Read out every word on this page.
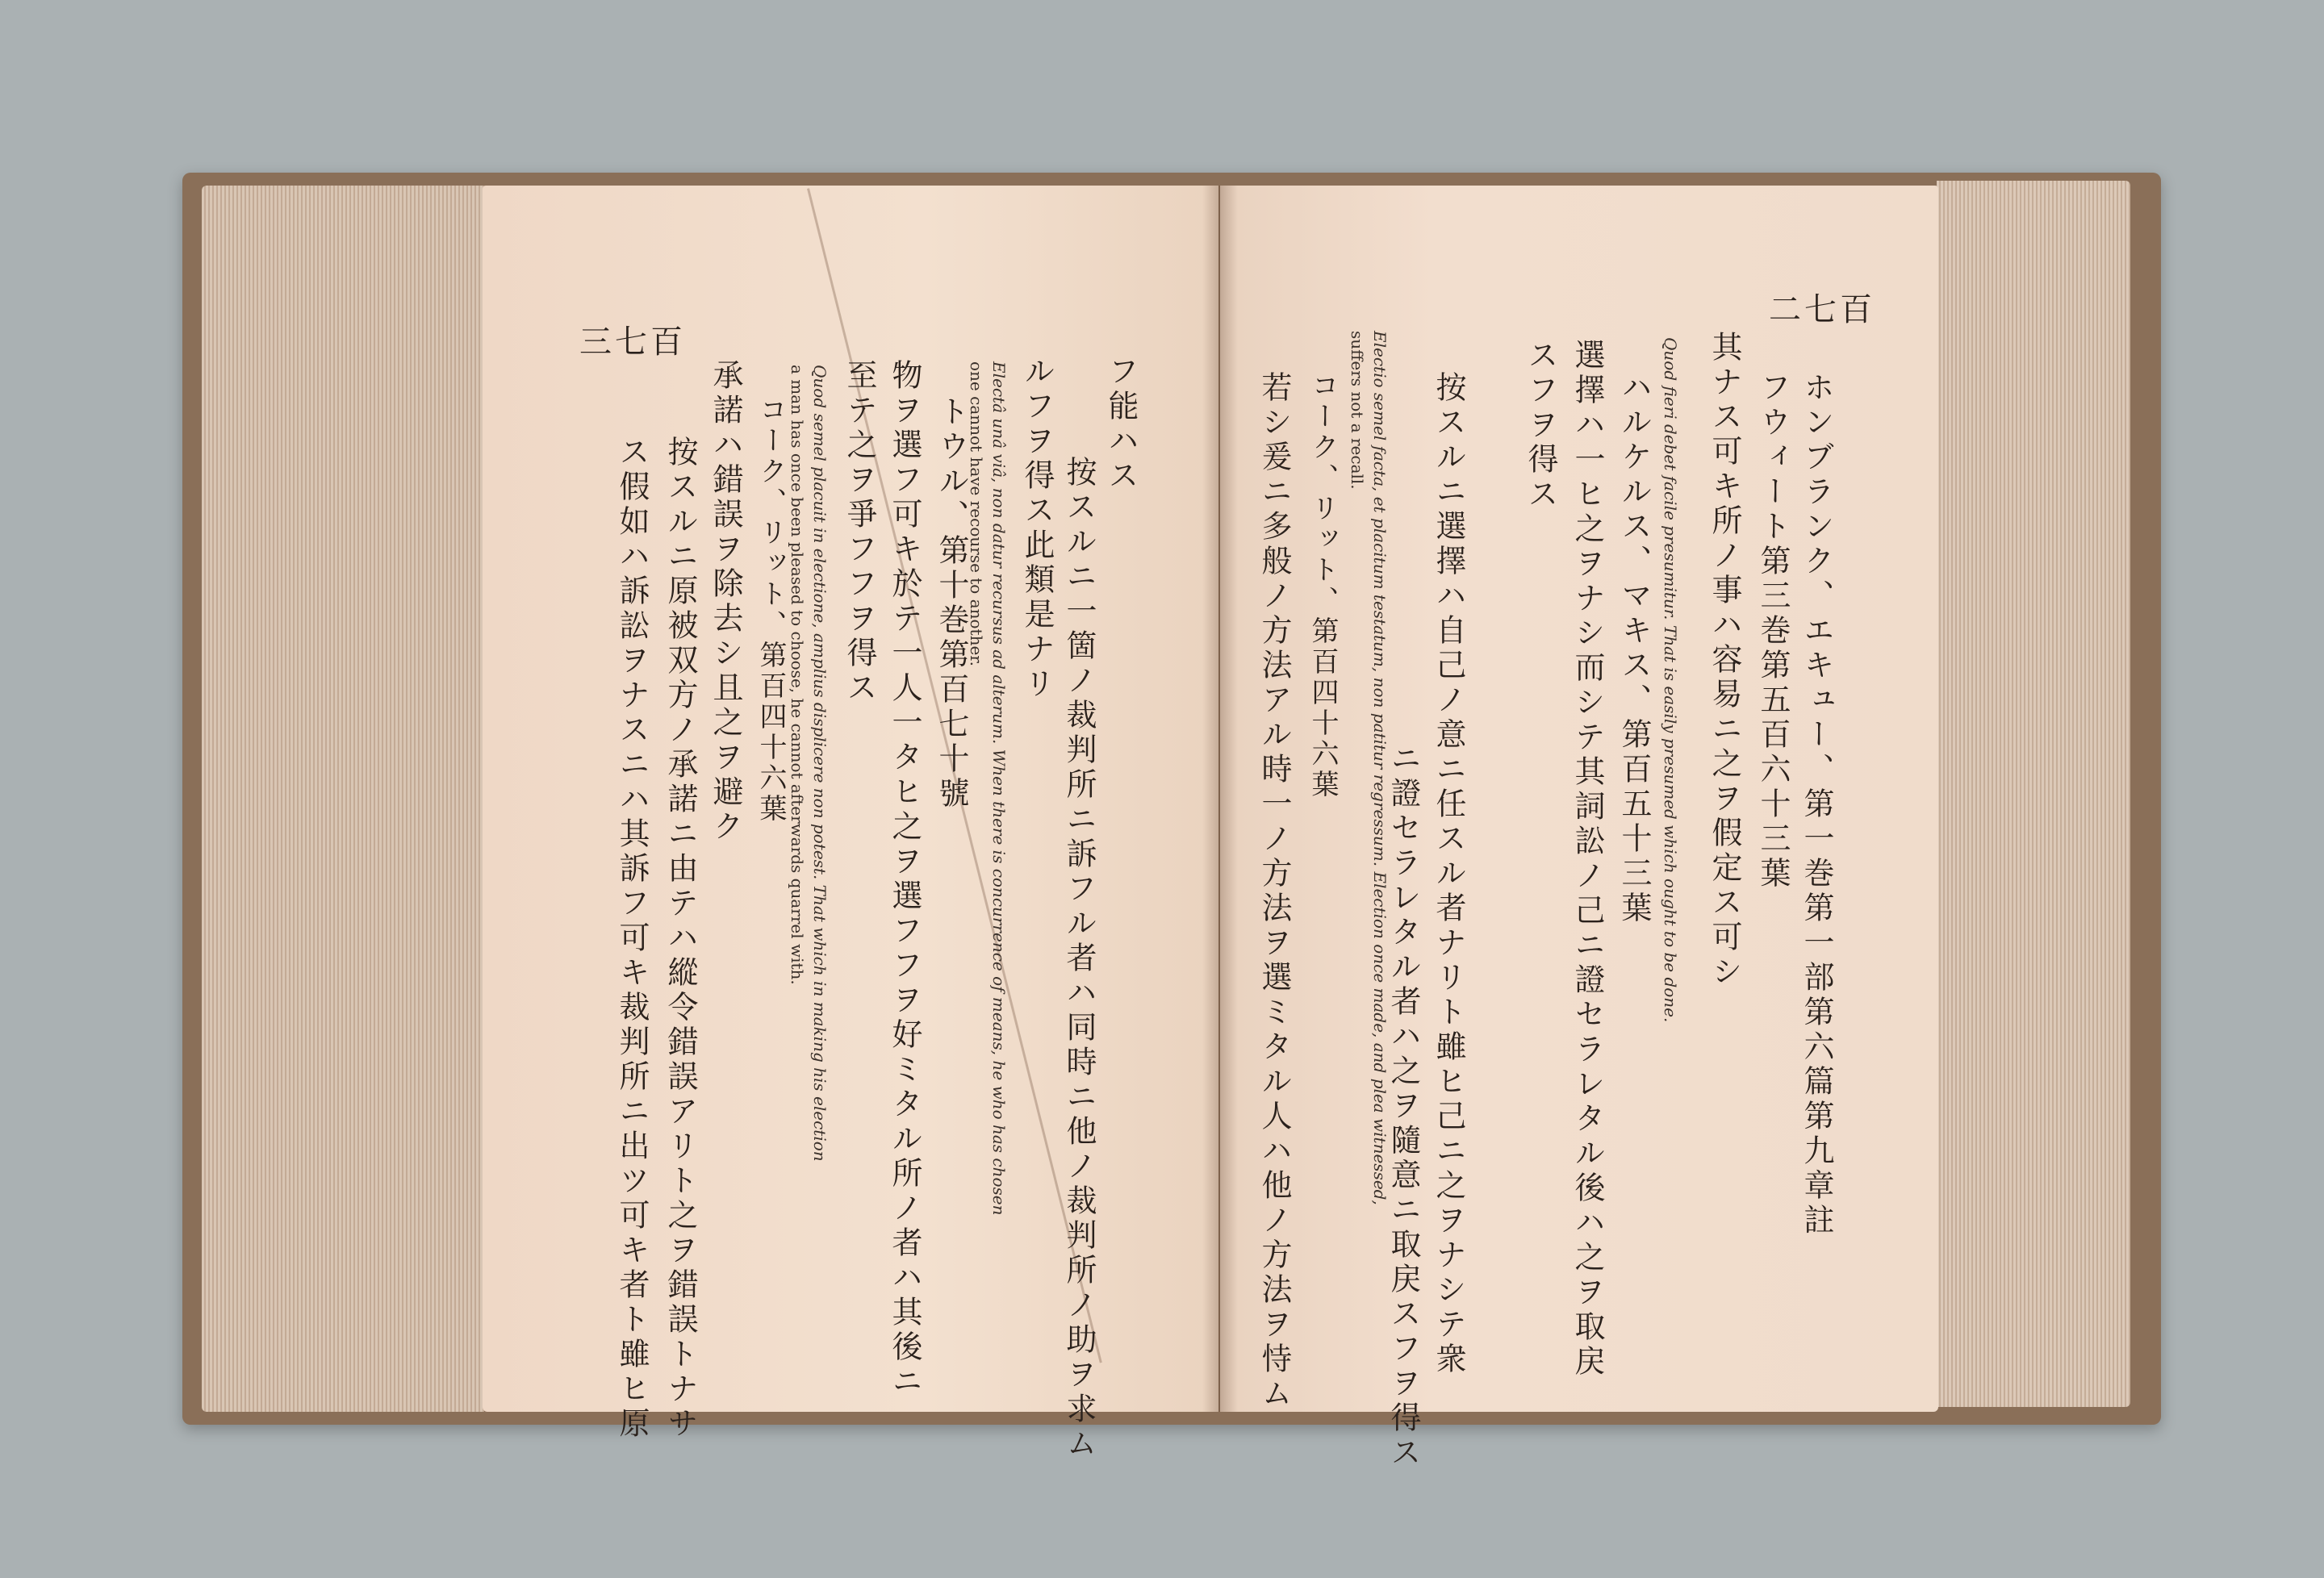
三七百
二七百
フ能ハス
按スルニ一箇ノ裁判所ニ訴フル者ハ同時ニ他ノ裁判所ノ助ヲ求ム
ルフヲ得ス此類是ナリ
Electâ unâ viâ, non datur recursus ad alterum. When there is concurrence of means, he who has chosen
one cannot have recourse to another.
トウル、第十巻第百七十號
物ヲ選フ可キ於テ一人一タヒ之ヲ選フフヲ好ミタル所ノ者ハ其後ニ
至テ之ヲ爭フフヲ得ス
Quod semel placuit in electione, amplius displicere non potest. That which in making his election
a man has once been pleased to choose, he cannot afterwards quarrel with.
コーク、リット、第百四十六葉
承諾ハ錯誤ヲ除去シ且之ヲ避ク
按スルニ原被双方ノ承諾ニ由テハ縱令錯誤アリト之ヲ錯誤トナサ
ス假如ハ訴訟ヲナスニハ其訴フ可キ裁判所ニ出ツ可キ者ト雖ヒ原	ホンブランク、エキュー、第一巻第一部第六篇第九章註
フウィート第三巻第五百六十三葉
其ナス可キ所ノ事ハ容易ニ之ヲ假定ス可シ
Quod fieri debet facile presumitur. That is easily presumed which ought to be done.
ハルケルス、マキス、第百五十三葉
選擇ハ一ヒ之ヲナシ而シテ其詞訟ノ己ニ證セラレタル後ハ之ヲ取戻
スフヲ得ス
Electio semel facta, et placitum testatum, non patitur regressum. Election once made, and plea witnessed,
suffers not a recall.
コーク、リット、第百四十六葉	按スルニ選擇ハ自己ノ意ニ任スル者ナリト雖ヒ己ニ之ヲナシテ衆
ニ證セラレタル者ハ之ヲ隨意ニ取戻スフヲ得ス
若シ爰ニ多般ノ方法アル時一ノ方法ヲ選ミタル人ハ他ノ方法ヲ恃ム
